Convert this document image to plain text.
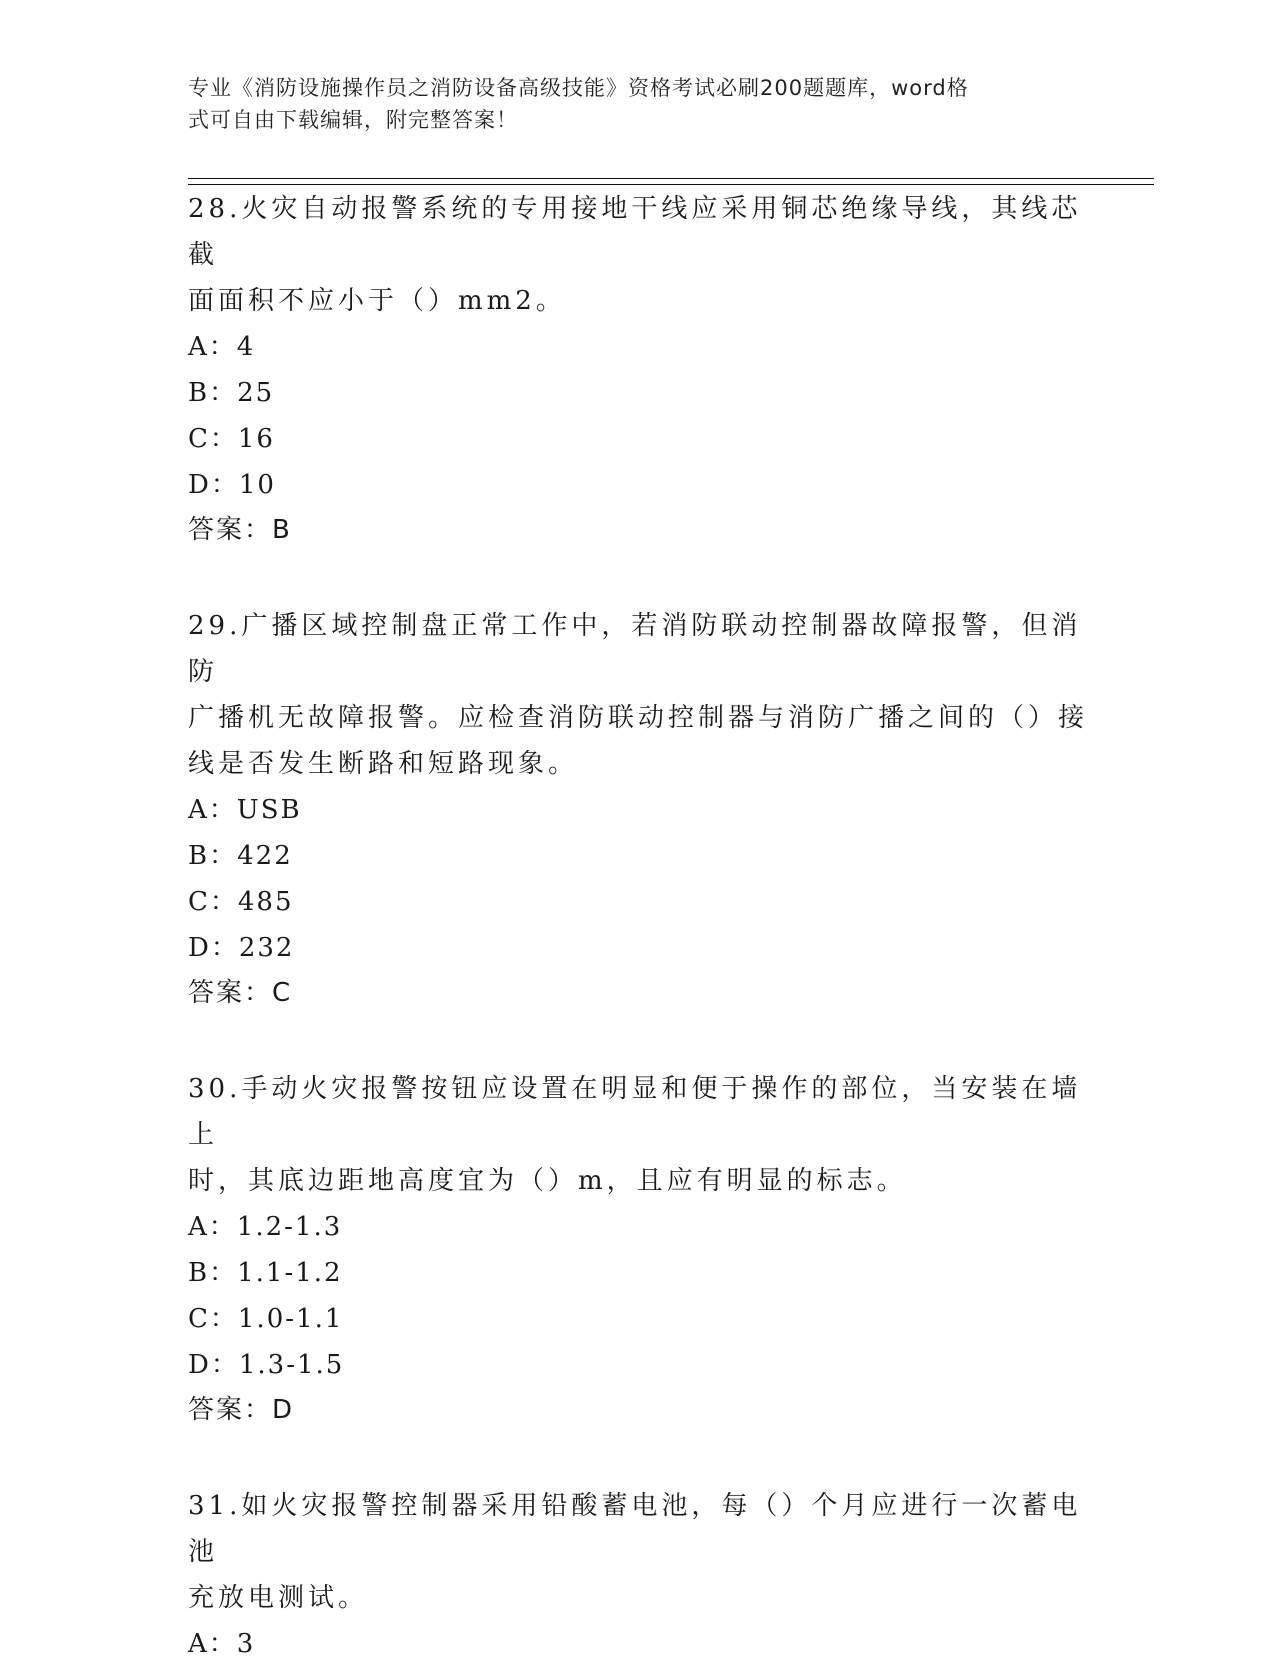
专业《消防设施操作员之消防设备高级技能》资格考试必刷200题题库，word格
式可自由下载编辑，附完整答案！

28.火灾自动报警系统的专用接地干线应采用铜芯绝缘导线，其线芯截

面面积不应小于（）mm2。

A：4

B：25

C：16

D：10

答案：B

29.广播区域控制盘正常工作中，若消防联动控制器故障报警，但消防

广播机无故障报警。应检查消防联动控制器与消防广播之间的（）接

线是否发生断路和短路现象。

A：USB

B：422

C：485

D：232

答案：C

30.手动火灾报警按钮应设置在明显和便于操作的部位，当安装在墙上

时，其底边距地高度宜为（）m，且应有明显的标志。

A：1.2-1.3

B：1.1-1.2

C：1.0-1.1

D：1.3-1.5

答案：D

31.如火灾报警控制器采用铅酸蓄电池，每（）个月应进行一次蓄电池

充放电测试。

A：3
